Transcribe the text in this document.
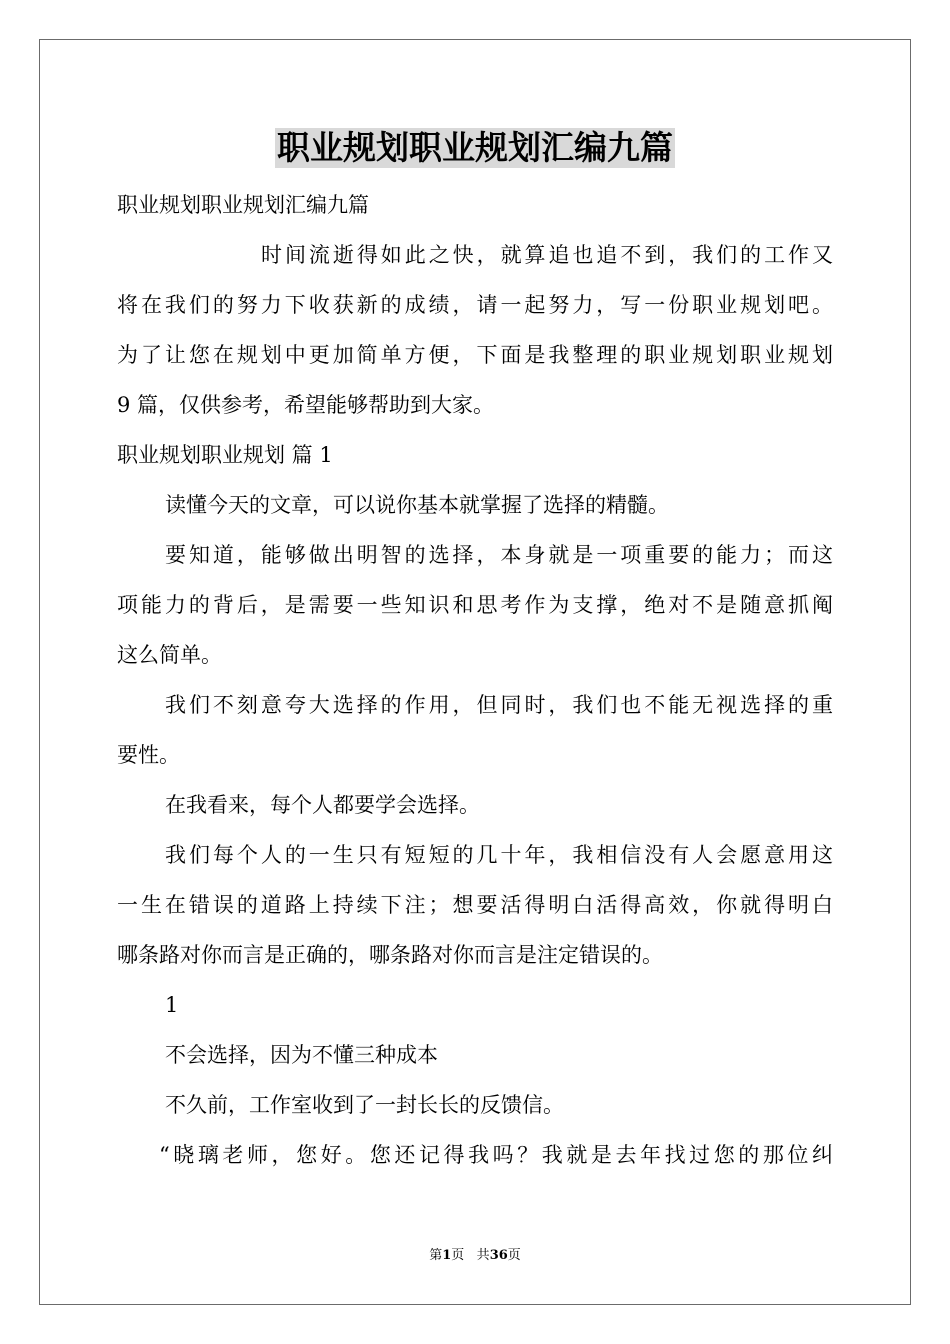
职业规划职业规划汇编九篇
职业规划职业规划汇编九篇
时间流逝得如此之快，就算追也追不到，我们的工作又
将在我们的努力下收获新的成绩，请一起努力，写一份职业规划吧。
为了让您在规划中更加简单方便，下面是我整理的职业规划职业规划
9 篇，仅供参考，希望能够帮助到大家。
职业规划职业规划 篇 1
读懂今天的文章，可以说你基本就掌握了选择的精髓。
要知道，能够做出明智的选择，本身就是一项重要的能力；而这
项能力的背后，是需要一些知识和思考作为支撑，绝对不是随意抓阄
这么简单。
我们不刻意夸大选择的作用，但同时，我们也不能无视选择的重
要性。
在我看来，每个人都要学会选择。
我们每个人的一生只有短短的几十年，我相信没有人会愿意用这
一生在错误的道路上持续下注；想要活得明白活得高效，你就得明白
哪条路对你而言是正确的，哪条路对你而言是注定错误的。
1
不会选择，因为不懂三种成本
不久前，工作室收到了一封长长的反馈信。
“晓璃老师，您好。您还记得我吗？我就是去年找过您的那位纠
第1页 共36页
